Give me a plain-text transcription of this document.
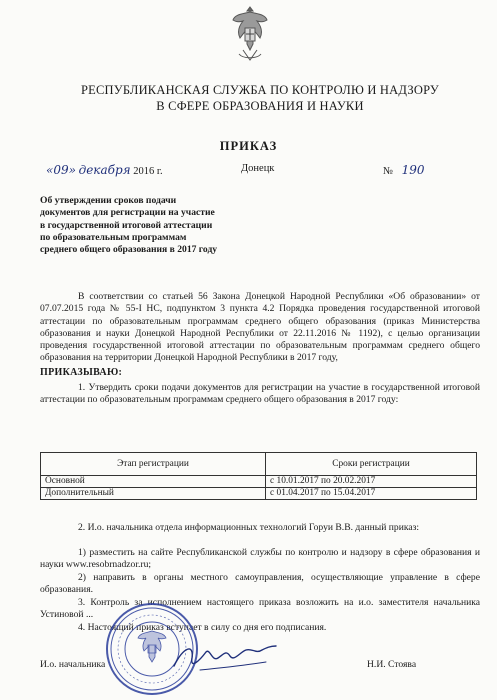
РЕСПУБЛИКАНСКАЯ СЛУЖБА ПО КОНТРОЛЮ И НАДЗОРУ
В СФЕРЕ ОБРАЗОВАНИЯ И НАУКИ
ПРИКАЗ
«09» декабря 2016 г.	Донецк	№ 190
Об утверждении сроков подачи документов для регистрации на участие в государственной итоговой аттестации по образовательным программам среднего общего образования в 2017 году
В соответствии со статьей 56 Закона Донецкой Народной Республики «Об образовании» от 07.07.2015 года № 55-І НС, подпунктом 3 пункта 4.2 Порядка проведения государственной итоговой аттестации по образовательным программам среднего общего образования (приказ Министерства образования и науки Донецкой Народной Республики от 22.11.2016 № 1192), с целью организации проведения государственной итоговой аттестации по образовательным программам среднего общего образования на территории Донецкой Народной Республики в 2017 году,
ПРИКАЗЫВАЮ:
1. Утвердить сроки подачи документов для регистрации на участие в государственной итоговой аттестации по образовательным программам среднего общего образования в 2017 году:
Этап регистрации	Сроки регистрации
Основной	с 10.01.2017 по 20.02.2017
Дополнительный	с 01.04.2017 по 15.04.2017
2. И.о. начальника отдела информационных технологий Горуи В.В. данный приказ:
1) разместить на сайте Республиканской службы по контролю и надзору в сфере образования и науки www.resobrnadzor.ru;
2) направить в органы местного самоуправления, осуществляющие управление в сфере образования.
3. Контроль за исполнением настоящего приказа возложить на и.о. заместителя начальника Устиновой ...
4. Настоящий приказ вступает в силу со дня его подписания.
И.о. начальника	Н.И. Стоява
